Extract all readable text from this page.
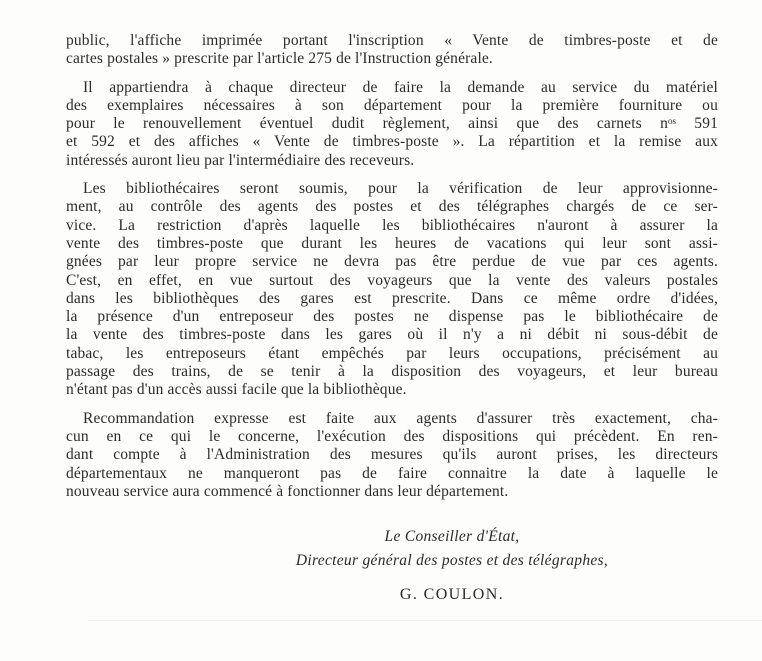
public, l'affiche imprimée portant l'inscription « Vente de timbres-poste et de
cartes postales » prescrite par l'article 275 de l'Instruction générale.
Il appartiendra à chaque directeur de faire la demande au service du matériel
des exemplaires nécessaires à son département pour la première fourniture ou
pour le renouvellement éventuel dudit règlement, ainsi que des carnets nᵒˢ 591
et 592 et des affiches « Vente de timbres-poste ». La répartition et la remise aux
intéressés auront lieu par l'intermédiaire des receveurs.
Les bibliothécaires seront soumis, pour la vérification de leur approvisionne-
ment, au contrôle des agents des postes et des télégraphes chargés de ce ser-
vice. La restriction d'après laquelle les bibliothécaires n'auront à assurer la
vente des timbres-poste que durant les heures de vacations qui leur sont assi-
gnées par leur propre service ne devra pas être perdue de vue par ces agents.
C'est, en effet, en vue surtout des voyageurs que la vente des valeurs postales
dans les bibliothèques des gares est prescrite. Dans ce même ordre d'idées,
la présence d'un entreposeur des postes ne dispense pas le bibliothécaire de
la vente des timbres-poste dans les gares où il n'y a ni débit ni sous-débit de
tabac, les entreposeurs étant empêchés par leurs occupations, précisément au
passage des trains, de se tenir à la disposition des voyageurs, et leur bureau
n'étant pas d'un accès aussi facile que la bibliothèque.
Recommandation expresse est faite aux agents d'assurer très exactement, cha-
cun en ce qui le concerne, l'exécution des dispositions qui précèdent. En ren-
dant compte à l'Administration des mesures qu'ils auront prises, les directeurs
départementaux ne manqueront pas de faire connaitre la date à laquelle le
nouveau service aura commencé à fonctionner dans leur département.
Le Conseiller d'État,
Directeur général des postes et des télégraphes,
G. COULON.
